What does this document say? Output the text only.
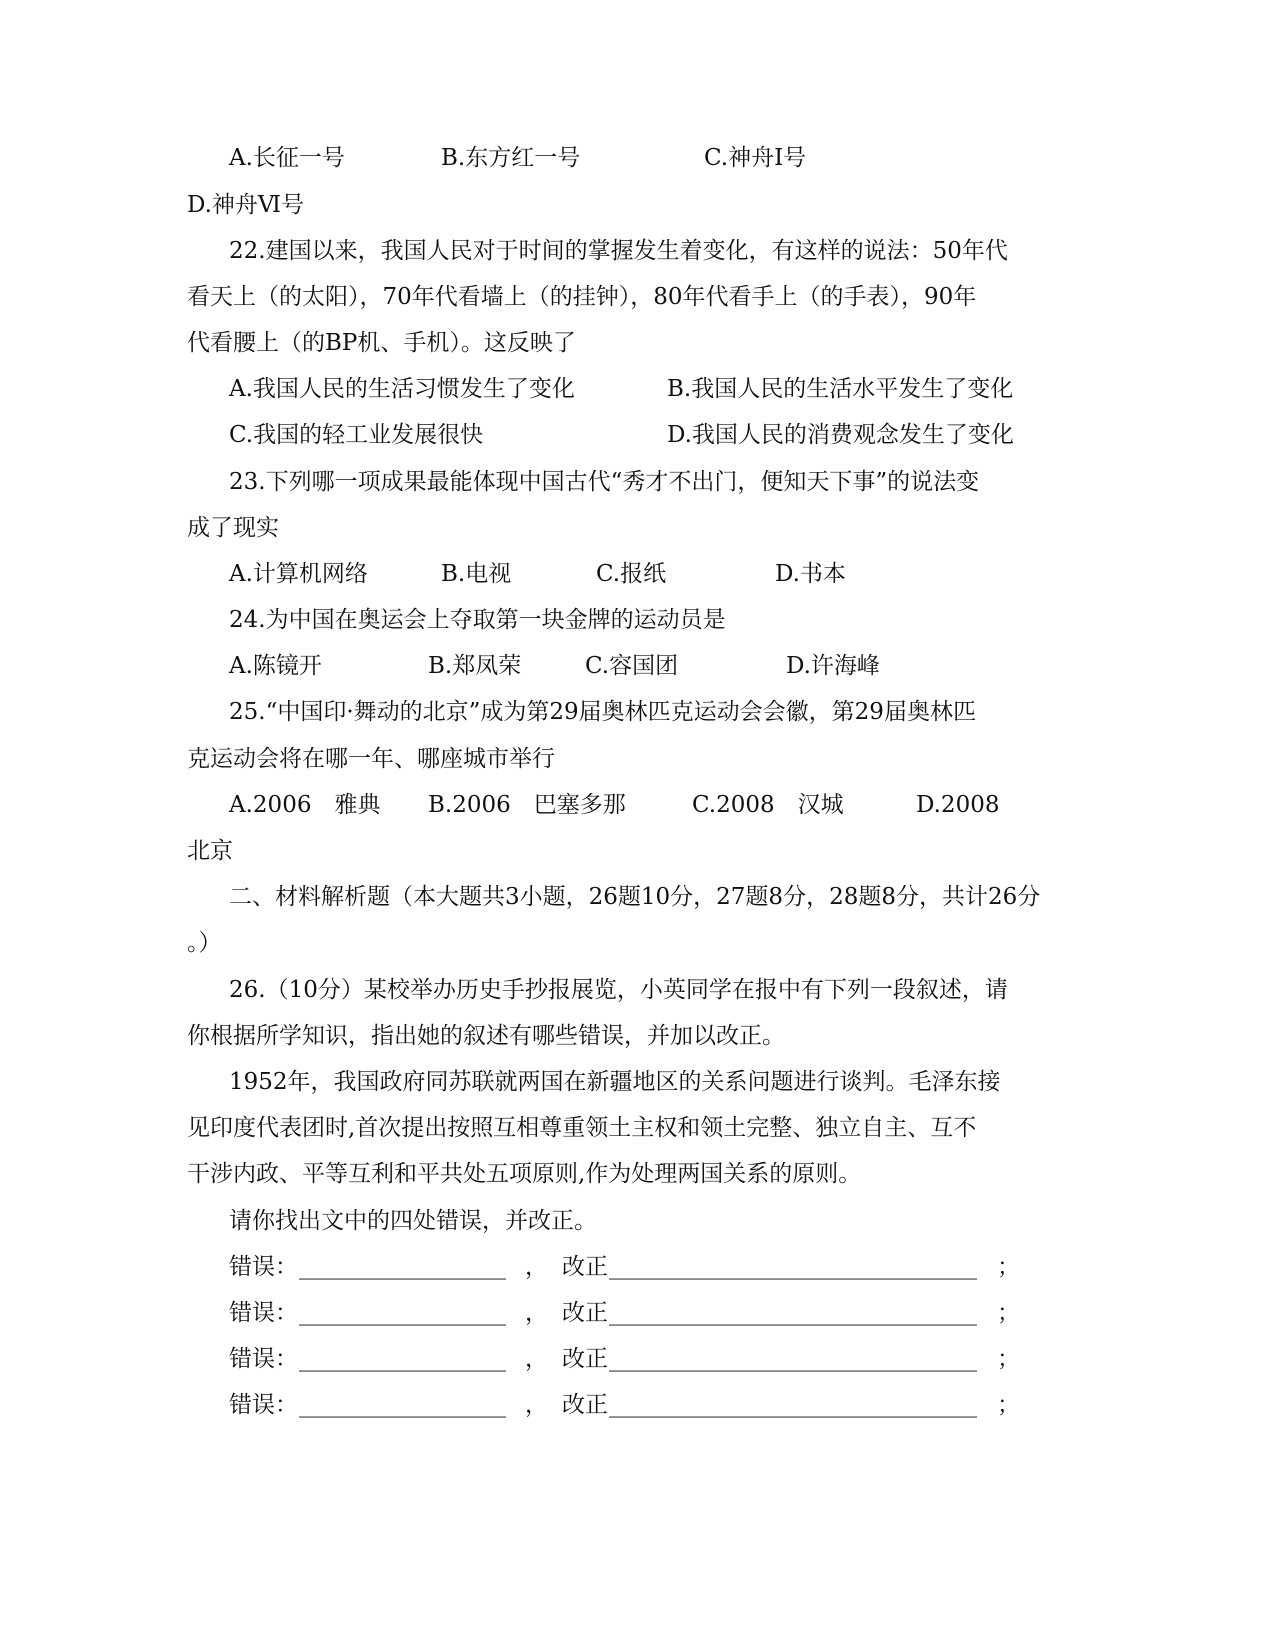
A.长征一号	B.东方红一号	C.神舟Ⅰ号
D.神舟Ⅵ号
22.建国以来，我国人民对于时间的掌握发生着变化，有这样的说法：50年代
看天上（的太阳），70年代看墙上（的挂钟），80年代看手上（的手表），90年
代看腰上（的BP机、手机）。这反映了
A.我国人民的生活习惯发生了变化	B.我国人民的生活水平发生了变化
C.我国的轻工业发展很快	D.我国人民的消费观念发生了变化
23.下列哪一项成果最能体现中国古代“秀才不出门，便知天下事”的说法变
成了现实
A.计算机网络	B.电视	C.报纸	D.书本
24.为中国在奥运会上夺取第一块金牌的运动员是
A.陈镜开	B.郑凤荣	C.容国团	D.许海峰
25.“中国印·舞动的北京”成为第29届奥林匹克运动会会徽，第29届奥林匹
克运动会将在哪一年、哪座城市举行
A.2006　雅典 B.2006　巴塞多那	C.2008　汉城	D.2008
北京
二、材料解析题（本大题共3小题，26题10分，27题8分，28题8分，共计26分
。）
26.（10分）某校举办历史手抄报展览，小英同学在报中有下列一段叙述，请
你根据所学知识，指出她的叙述有哪些错误，并加以改正。
1952年，我国政府同苏联就两国在新疆地区的关系问题进行谈判。毛泽东接
见印度代表团时,首次提出按照互相尊重领土主权和领土完整、独立自主、互不
干涉内政、平等互利和平共处五项原则,作为处理两国关系的原则。
请你找出文中的四处错误，并改正。
错误： __________________ ， 改正 ________________________________ ；
错误： __________________ ， 改正 ________________________________ ；
错误： __________________ ， 改正 ________________________________ ；
错误： __________________ ， 改正 ________________________________ ；
